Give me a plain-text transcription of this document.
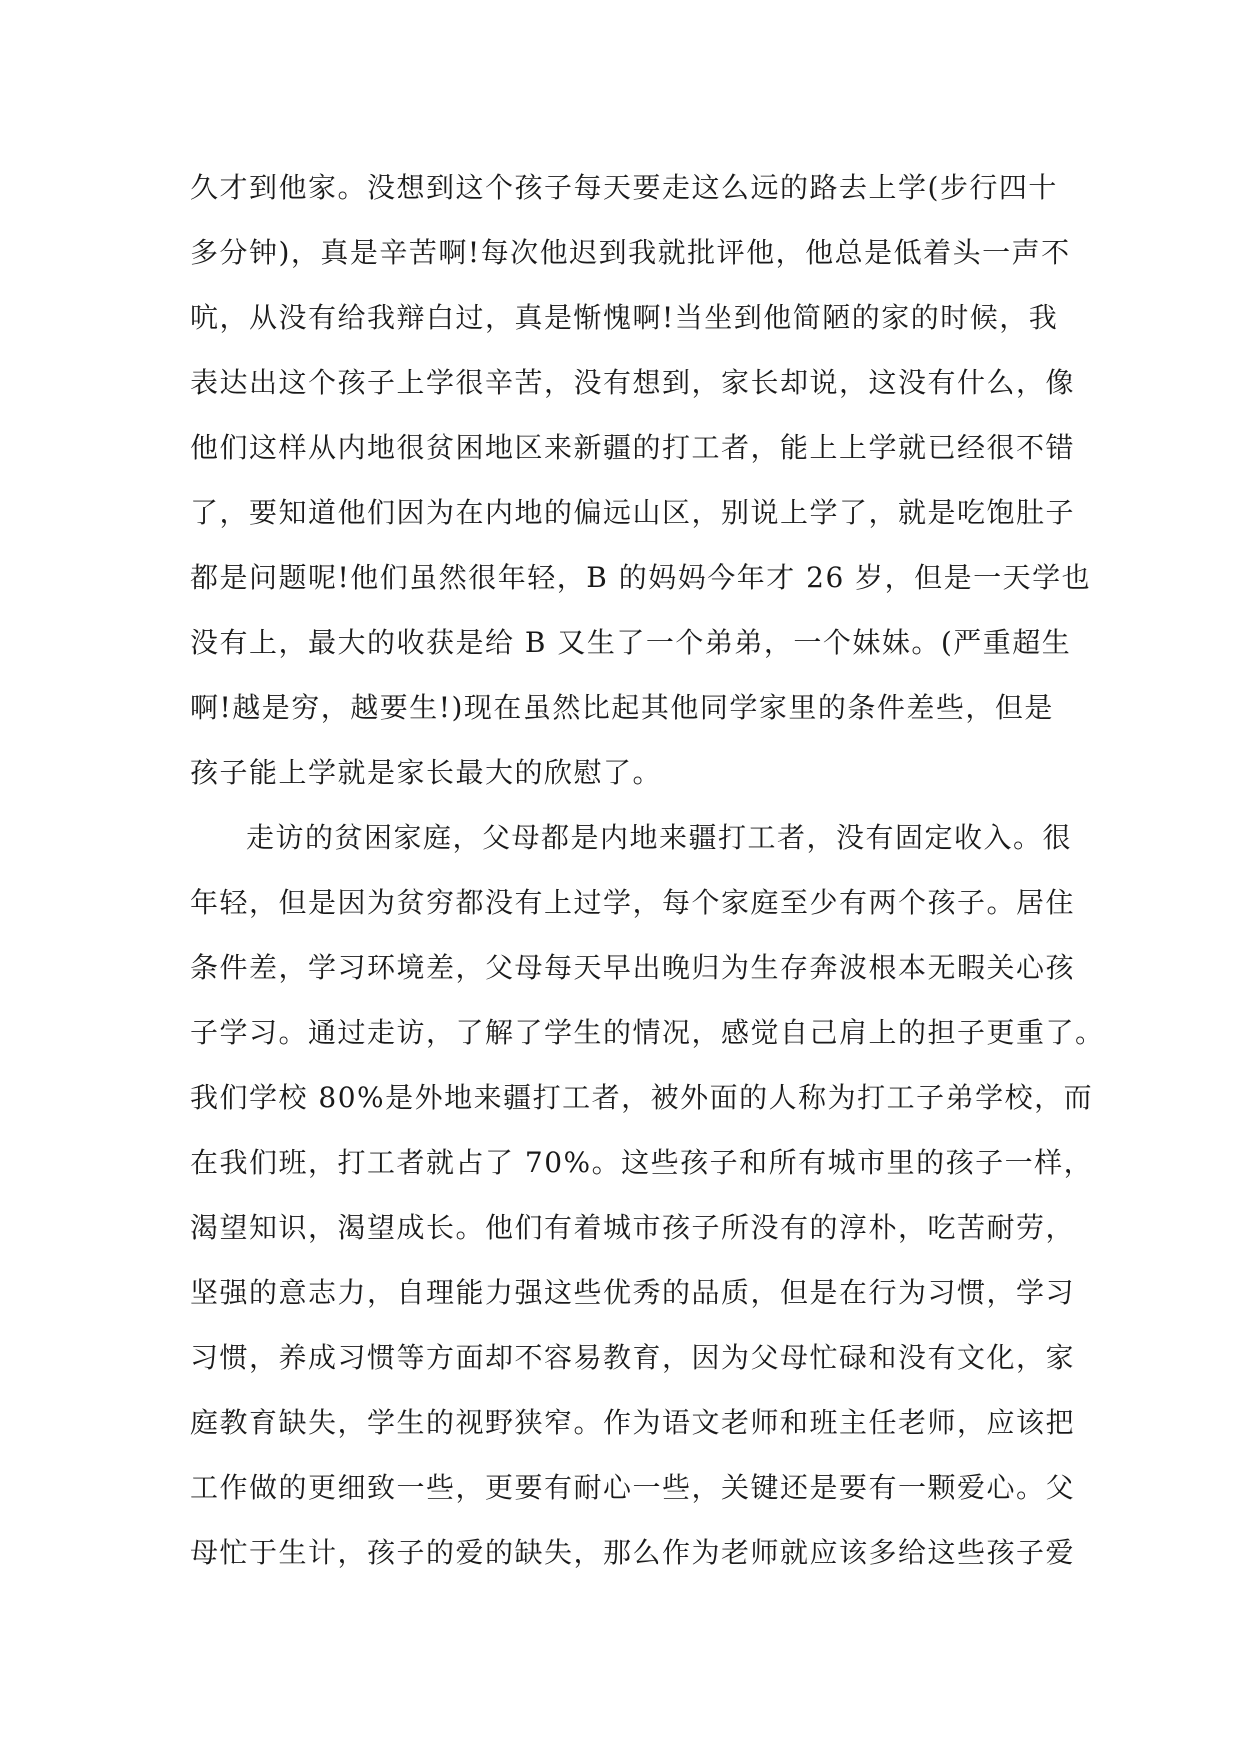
久才到他家。没想到这个孩子每天要走这么远的路去上学(步行四十
多分钟)，真是辛苦啊!每次他迟到我就批评他，他总是低着头一声不
吭，从没有给我辩白过，真是惭愧啊!当坐到他简陋的家的时候，我
表达出这个孩子上学很辛苦，没有想到，家长却说，这没有什么，像
他们这样从内地很贫困地区来新疆的打工者，能上上学就已经很不错
了，要知道他们因为在内地的偏远山区，别说上学了，就是吃饱肚子
都是问题呢!他们虽然很年轻，B 的妈妈今年才 26 岁，但是一天学也
没有上，最大的收获是给 B 又生了一个弟弟，一个妹妹。(严重超生
啊!越是穷，越要生!)现在虽然比起其他同学家里的条件差些，但是
孩子能上学就是家长最大的欣慰了。
走访的贫困家庭，父母都是内地来疆打工者，没有固定收入。很
年轻，但是因为贫穷都没有上过学，每个家庭至少有两个孩子。居住
条件差，学习环境差，父母每天早出晚归为生存奔波根本无暇关心孩
子学习。通过走访，了解了学生的情况，感觉自己肩上的担子更重了。
我们学校 80%是外地来疆打工者，被外面的人称为打工子弟学校，而
在我们班，打工者就占了 70%。这些孩子和所有城市里的孩子一样，
渴望知识，渴望成长。他们有着城市孩子所没有的淳朴，吃苦耐劳，
坚强的意志力，自理能力强这些优秀的品质，但是在行为习惯，学习
习惯，养成习惯等方面却不容易教育，因为父母忙碌和没有文化，家
庭教育缺失，学生的视野狭窄。作为语文老师和班主任老师，应该把
工作做的更细致一些，更要有耐心一些，关键还是要有一颗爱心。父
母忙于生计，孩子的爱的缺失，那么作为老师就应该多给这些孩子爱
